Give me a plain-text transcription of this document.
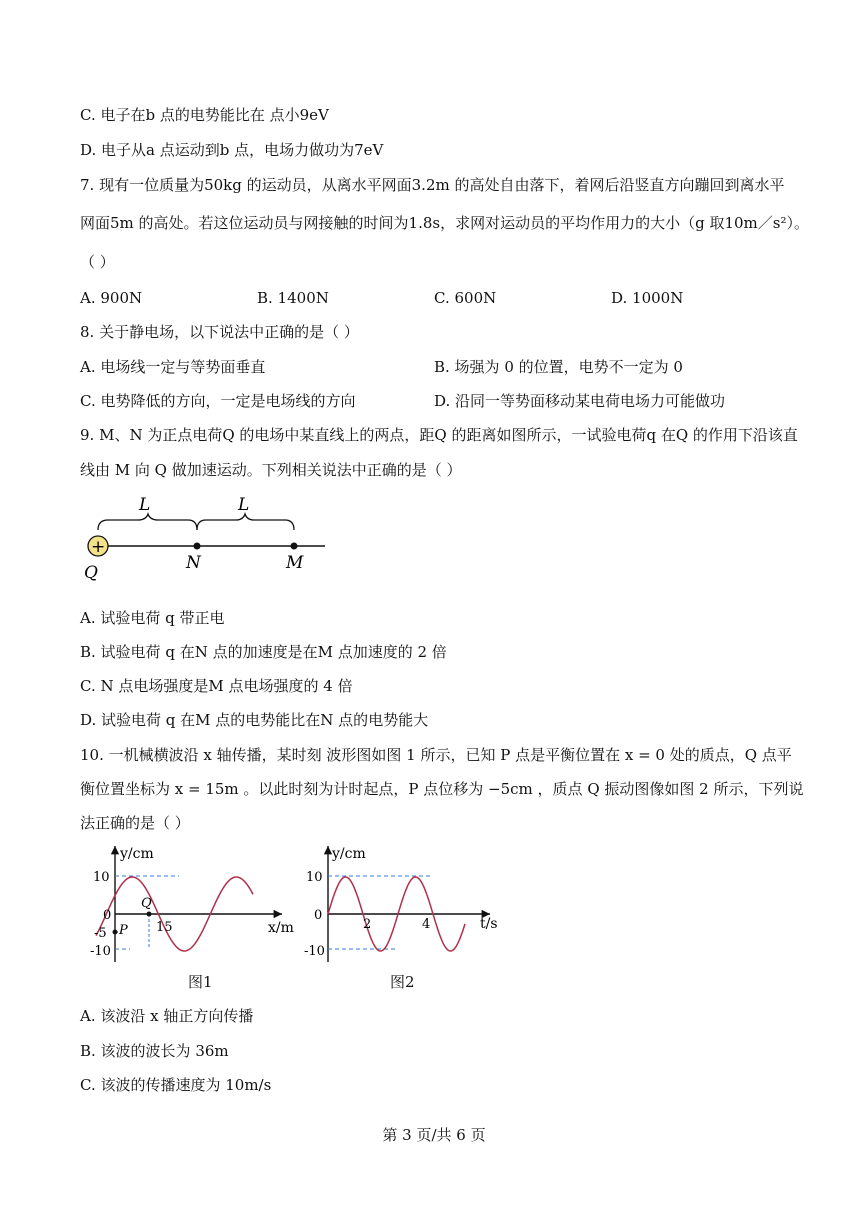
C. 电子在b 点的电势能比在 点小9eV
D. 电子从a 点运动到b 点，电场力做功为7eV
7. 现有一位质量为50kg 的运动员，从离水平网面3.2m 的高处自由落下，着网后沿竖直方向蹦回到离水平
网面5m 的高处。若这位运动员与网接触的时间为1.8s，求网对运动员的平均作用力的大小（g 取10m／s²）。
（ ）
A. 900N	B. 1400N	C. 600N	D. 1000N
8. 关于静电场，以下说法中正确的是（ ）
A. 电场线一定与等势面垂直	B. 场强为 0 的位置，电势不一定为 0
C. 电势降低的方向，一定是电场线的方向	D. 沿同一等势面移动某电荷电场力可能做功
9. M、N 为正点电荷Q 的电场中某直线上的两点，距Q 的距离如图所示，一试验电荷q 在Q 的作用下沿该直
线由 M 向 Q 做加速运动。下列相关说法中正确的是（ ）
L	L
+
Q	N	M
A. 试验电荷 q 带正电
B. 试验电荷 q 在N 点的加速度是在M 点加速度的 2 倍
C. N 点电场强度是M 点电场强度的 4 倍
D. 试验电荷 q 在M 点的电势能比在N 点的电势能大
10. 一机械横波沿 x 轴传播，某时刻 波形图如图 1 所示，已知 P 点是平衡位置在 x = 0 处的质点，Q 点平
衡位置坐标为 x = 15m 。以此时刻为计时起点，P 点位移为 −5cm ，质点 Q 振动图像如图 2 所示，下列说
法正确的是（ ）
y/cm
x/m
10
0
-5
-10
15
P
Q
图1
y/cm
t/s
10
0
-10
2	4
图2
A. 该波沿 x 轴正方向传播
B. 该波的波长为 36m
C. 该波的传播速度为 10m/s
第 3 页/共 6 页
